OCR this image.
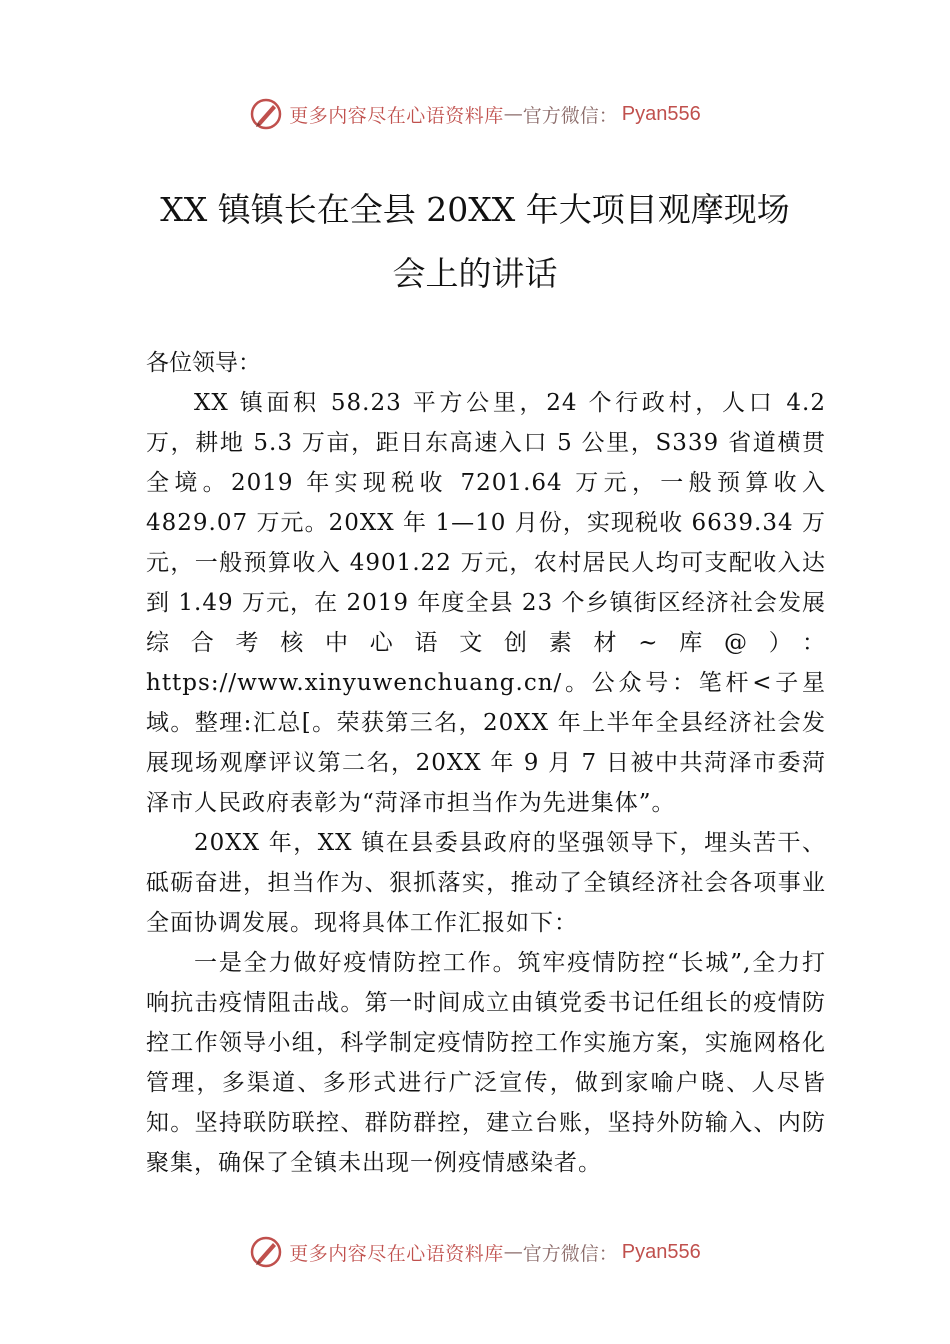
更多内容尽在心语资料库 — 官方微信： Pyan556
XX 镇镇长在全县 20XX 年大项目观摩现场
会上的讲话

各位领导：

XX 镇面积 58.23 平方公里，24 个行政村，人口 4.2 万，耕地 5.3 万亩，距日东高速入口 5 公里，S339 省道横贯全境。2019 年实现税收 7201.64 万元，一般预算收入 4829.07 万元。20XX 年 1—10 月份，实现税收 6639.34 万元，一般预算收入 4901.22 万元，农村居民人均可支配收入达到 1.49 万元，在 2019 年度全县 23 个乡镇街区经济社会发展综合考核中心语文创素材~库@）：https://www.xinyuwenchuang.cn/。公众号：笔杆<子星域。整理:汇总[。荣获第三名，20XX 年上半年全县经济社会发展现场观摩评议第二名，20XX 年 9 月 7 日被中共菏泽市委菏泽市人民政府表彰为“菏泽市担当作为先进集体”。

20XX 年，XX 镇在县委县政府的坚强领导下，埋头苦干、砥砺奋进，担当作为、狠抓落实，推动了全镇经济社会各项事业全面协调发展。现将具体工作汇报如下：

一是全力做好疫情防控工作。筑牢疫情防控“长城”,全力打响抗击疫情阻击战。第一时间成立由镇党委书记任组长的疫情防控工作领导小组，科学制定疫情防控工作实施方案，实施网格化管理，多渠道、多形式进行广泛宣传，做到家喻户晓、人尽皆知。坚持联防联控、群防群控，建立台账，坚持外防输入、内防聚集，确保了全镇未出现一例疫情感染者。

更多内容尽在心语资料库 — 官方微信： Pyan556
